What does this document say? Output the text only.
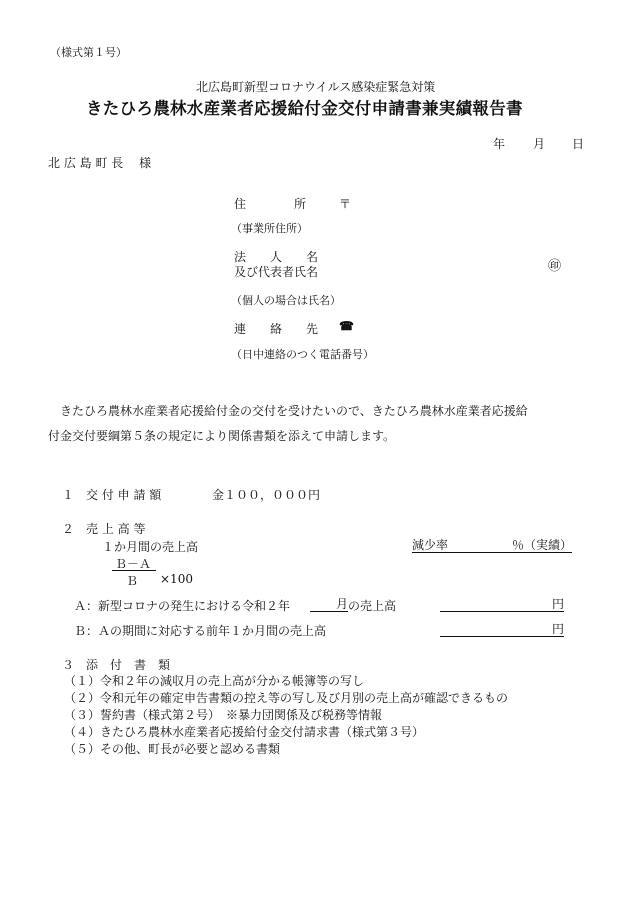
（様式第１号）
北広島町新型コロナウイルス感染症緊急対策
きたひろ農林水産業者応援給付金交付申請書兼実績報告書
年 月 日
北 広 島 町 長　 様
住　　　　所	〒
（事業所住所）
法　　人　　名
及び代表者氏名	㊞
（個人の場合は氏名）
連　　絡　　先 ☎
（日中連絡のつく電話番号）
　きたひろ農林水産業者応援給付金の交付を受けたいので、きたひろ農林水産業者応援給
付金交付要綱第５条の規定により関係書類を添えて申請します。
１　交 付 申 請 額	金１００，０００円
２　売 上 高 等
１か月間の売上高	減少率	％（実績）
Ｂ－Ａ
Ｂ ×100
Ａ：新型コロナの発生における令和２年	月 の売上高	円
Ｂ：Ａの期間に対応する前年１か月間の売上高	円
３　添　付　書　類
（１）令和２年の減収月の売上高が分かる帳簿等の写し
（２）令和元年の確定申告書類の控え等の写し及び月別の売上高が確認できるもの
（３）誓約書（様式第２号）　※暴力団関係及び税務等情報
（４）きたひろ農林水産業者応援給付金交付請求書（様式第３号）
（５）その他、町長が必要と認める書類
